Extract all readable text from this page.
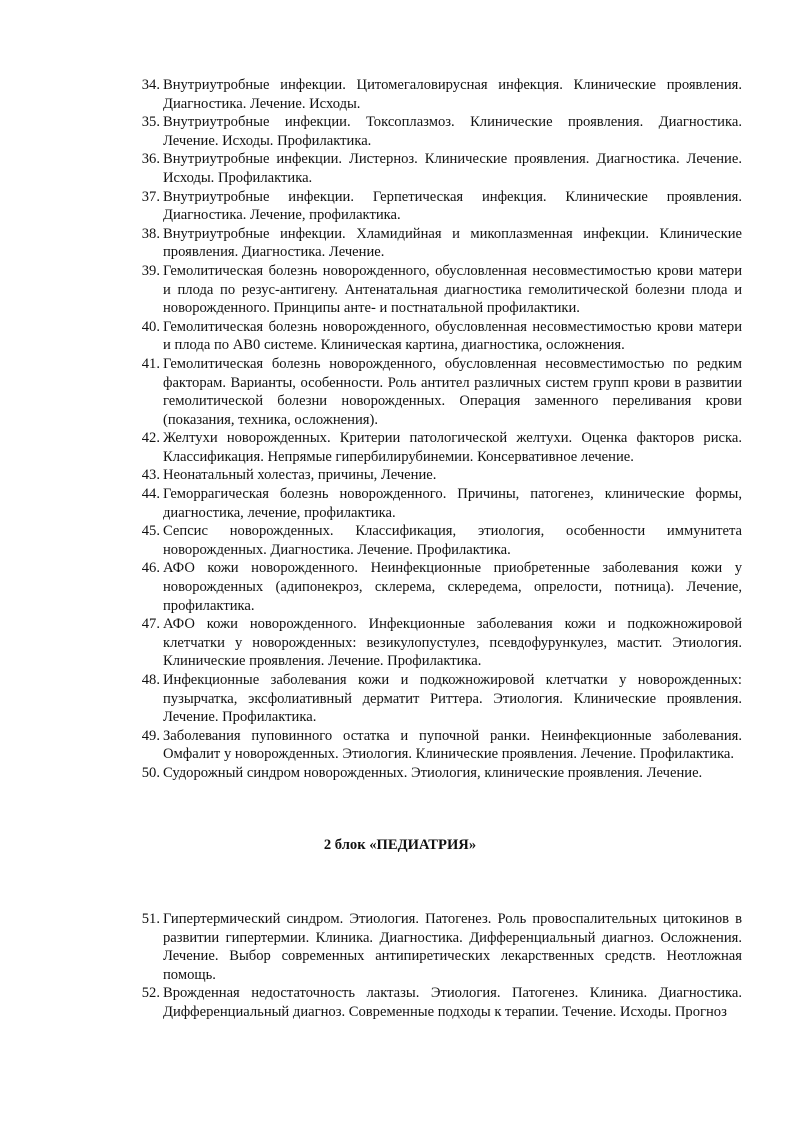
34. Внутриутробные инфекции. Цитомегаловирусная инфекция. Клинические проявления. Диагностика. Лечение. Исходы.
35. Внутриутробные инфекции. Токсоплазмоз. Клинические проявления. Диагностика. Лечение. Исходы. Профилактика.
36. Внутриутробные инфекции. Листерноз. Клинические проявления. Диагностика. Лечение. Исходы. Профилактика.
37. Внутриутробные инфекции. Герпетическая инфекция. Клинические проявления. Диагностика. Лечение, профилактика.
38. Внутриутробные инфекции. Хламидийная и микоплазменная инфекции. Клинические проявления. Диагностика. Лечение.
39. Гемолитическая болезнь новорожденного, обусловленная несовместимостью крови матери и плода по резус-антигену. Антенатальная диагностика гемолитической болезни плода и новорожденного. Принципы анте- и постнатальной профилактики.
40. Гемолитическая болезнь новорожденного, обусловленная несовместимостью крови матери и плода по АВ0 системе. Клиническая картина, диагностика, осложнения.
41. Гемолитическая болезнь новорожденного, обусловленная несовместимостью по редким факторам. Варианты, особенности. Роль антител различных систем групп крови в развитии гемолитической болезни новорожденных. Операция заменного переливания крови (показания, техника, осложнения).
42. Желтухи новорожденных. Критерии патологической желтухи. Оценка факторов риска. Классификация. Непрямые гипербилирубинемии. Консервативное лечение.
43. Неонатальный холестаз, причины, Лечение.
44. Геморрагическая болезнь новорожденного. Причины, патогенез, клинические формы, диагностика, лечение, профилактика.
45. Сепсис новорожденных. Классификация, этиология, особенности иммунитета новорожденных. Диагностика. Лечение. Профилактика.
46. АФО кожи новорожденного. Неинфекционные приобретенные заболевания кожи у новорожденных (адипонекроз, склерема, склередема, опрелости, потница). Лечение, профилактика.
47. АФО кожи новорожденного. Инфекционные заболевания кожи и подкожножировой клетчатки у новорожденных: везикулопустулез, псевдофурункулез, мастит. Этиология. Клинические проявления. Лечение. Профилактика.
48. Инфекционные заболевания кожи и подкожножировой клетчатки у новорожденных: пузырчатка, эксфолиативный дерматит Риттера. Этиология. Клинические проявления. Лечение. Профилактика.
49. Заболевания пуповинного остатка и пупочной ранки. Неинфекционные заболевания. Омфалит у новорожденных. Этиология. Клинические проявления. Лечение. Профилактика.
50. Судорожный синдром новорожденных. Этиология, клинические проявления. Лечение.
2 блок «ПЕДИАТРИЯ»
51. Гипертермический синдром. Этиология. Патогенез. Роль провоспалительных цитокинов в развитии гипертермии. Клиника. Диагностика. Дифференциальный диагноз. Осложнения. Лечение. Выбор современных антипиретических лекарственных средств. Неотложная помощь.
52. Врожденная недостаточность лактазы. Этиология. Патогенез. Клиника. Диагностика. Дифференциальный диагноз. Современные подходы к терапии. Течение. Исходы. Прогноз
